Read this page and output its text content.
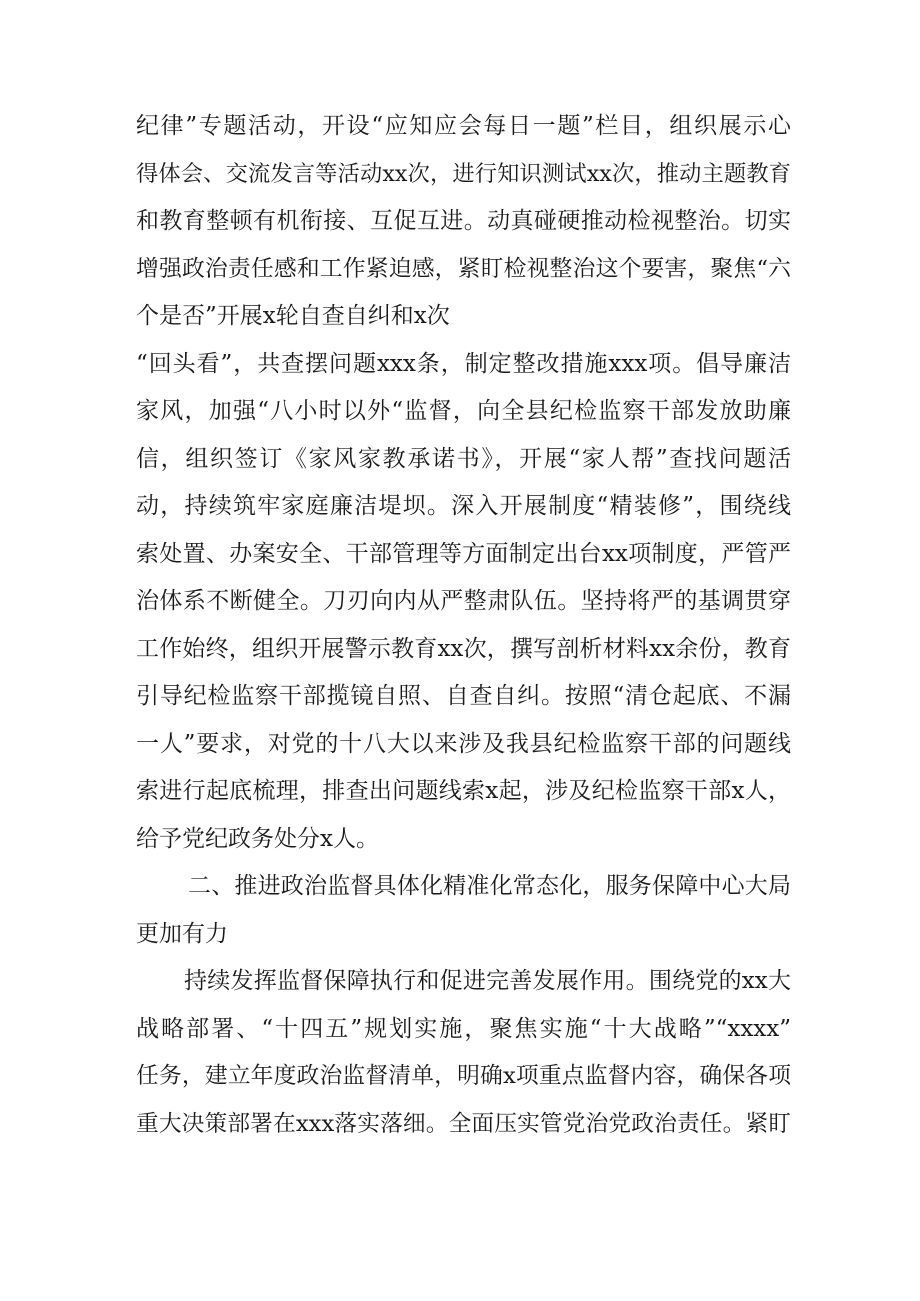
纪律”专题活动，开设“应知应会每日一题”栏目，组织展示心
得体会、交流发言等活动xx次，进行知识测试xx次，推动主题教育
和教育整顿有机衔接、互促互进。动真碰硬推动检视整治。切实
增强政治责任感和工作紧迫感，紧盯检视整治这个要害，聚焦“六
个是否”开展x轮自查自纠和x次
“回头看”，共查摆问题xxx条，制定整改措施xxx项。倡导廉洁
家风，加强“八小时以外“监督，向全县纪检监察干部发放助廉
信，组织签订《家风家教承诺书》，开展“家人帮”查找问题活
动，持续筑牢家庭廉洁堤坝。深入开展制度“精装修”，围绕线
索处置、办案安全、干部管理等方面制定出台xx项制度，严管严
治体系不断健全。刀刃向内从严整肃队伍。坚持将严的基调贯穿
工作始终，组织开展警示教育xx次，撰写剖析材料xx余份，教育
引导纪检监察干部揽镜自照、自查自纠。按照“清仓起底、不漏
一人”要求，对党的十八大以来涉及我县纪检监察干部的问题线
索进行起底梳理，排查出问题线索x起，涉及纪检监察干部x人，
给予党纪政务处分x人。
二、推进政治监督具体化精准化常态化，服务保障中心大局
更加有力
持续发挥监督保障执行和促进完善发展作用。围绕党的xx大
战略部署、“十四五”规划实施，聚焦实施“十大战略”“xxxx”
任务，建立年度政治监督清单，明确x项重点监督内容，确保各项
重大决策部署在xxx落实落细。全面压实管党治党政治责任。紧盯
